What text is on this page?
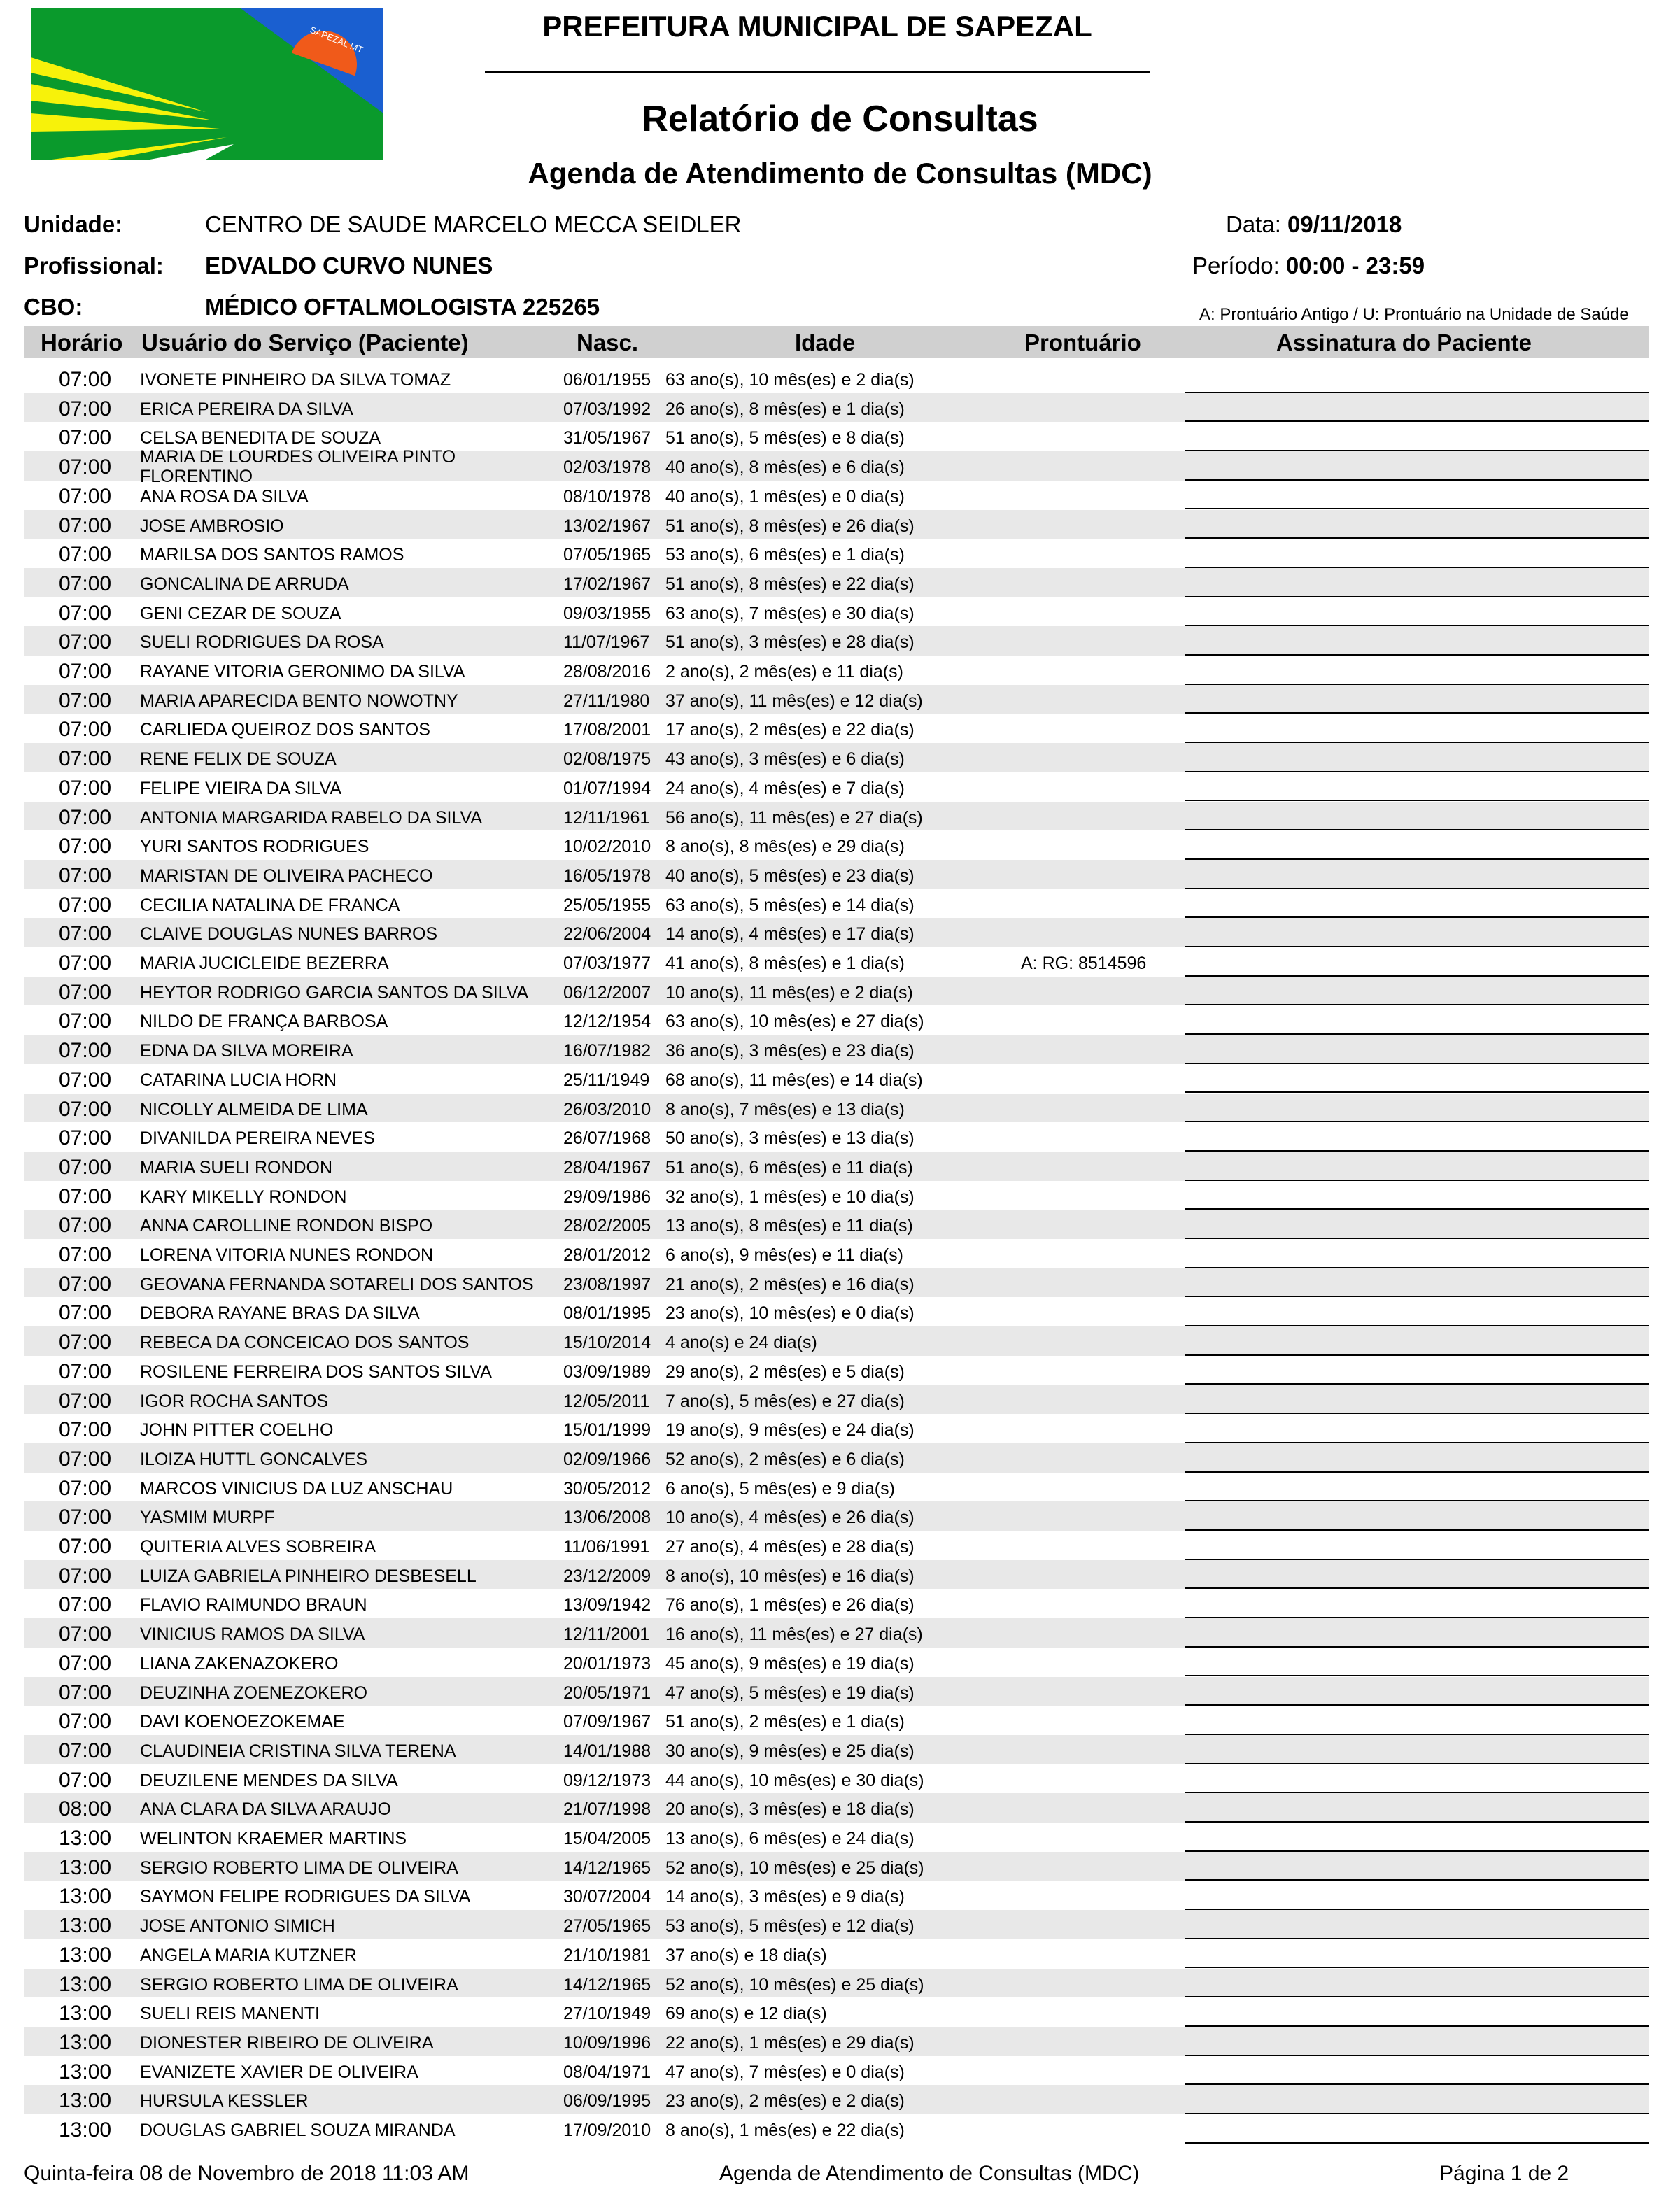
SAPEZAL MT	PREFEITURA MUNICIPAL DE SAPEZAL
Relatório de Consultas
Agenda de Atendimento de Consultas (MDC)
Unidade:	CENTRO DE SAUDE MARCELO MECCA SEIDLER
Profissional: EDVALDO CURVO NUNES
CBO:	MÉDICO OFTALMOLOGISTA 225265
Data: 09/11/2018
Período: 00:00 - 23:59
A: Prontuário Antigo / U: Prontuário na Unidade de Saúde
Horário Usuário do Serviço (Paciente)	Nasc.	Idade	Prontuário	Assinatura do Paciente
07:00 IVONETE PINHEIRO DA SILVA TOMAZ	06/01/1955 63 ano(s), 10 mês(es) e 2 dia(s)
07:00 ERICA PEREIRA DA SILVA	07/03/1992 26 ano(s), 8 mês(es) e 1 dia(s)
07:00 CELSA BENEDITA DE SOUZA	31/05/1967 51 ano(s), 5 mês(es) e 8 dia(s)
07:00 MARIA DE LOURDES OLIVEIRA PINTO FLORENTINO	02/03/1978 40 ano(s), 8 mês(es) e 6 dia(s)
07:00 ANA ROSA DA SILVA	08/10/1978 40 ano(s), 1 mês(es) e 0 dia(s)
07:00 JOSE AMBROSIO	13/02/1967 51 ano(s), 8 mês(es) e 26 dia(s)
07:00 MARILSA DOS SANTOS RAMOS	07/05/1965 53 ano(s), 6 mês(es) e 1 dia(s)
07:00 GONCALINA DE ARRUDA	17/02/1967 51 ano(s), 8 mês(es) e 22 dia(s)
07:00 GENI CEZAR DE SOUZA	09/03/1955 63 ano(s), 7 mês(es) e 30 dia(s)
07:00 SUELI RODRIGUES DA ROSA	11/07/1967 51 ano(s), 3 mês(es) e 28 dia(s)
07:00 RAYANE VITORIA GERONIMO DA SILVA	28/08/2016 2 ano(s), 2 mês(es) e 11 dia(s)
07:00 MARIA APARECIDA BENTO NOWOTNY	27/11/1980 37 ano(s), 11 mês(es) e 12 dia(s)
07:00 CARLIEDA QUEIROZ DOS SANTOS	17/08/2001 17 ano(s), 2 mês(es) e 22 dia(s)
07:00 RENE FELIX DE SOUZA	02/08/1975 43 ano(s), 3 mês(es) e 6 dia(s)
07:00 FELIPE VIEIRA DA SILVA	01/07/1994 24 ano(s), 4 mês(es) e 7 dia(s)
07:00 ANTONIA MARGARIDA RABELO DA SILVA	12/11/1961 56 ano(s), 11 mês(es) e 27 dia(s)
07:00 YURI SANTOS RODRIGUES	10/02/2010 8 ano(s), 8 mês(es) e 29 dia(s)
07:00 MARISTAN DE OLIVEIRA PACHECO	16/05/1978 40 ano(s), 5 mês(es) e 23 dia(s)
07:00 CECILIA NATALINA DE FRANCA	25/05/1955 63 ano(s), 5 mês(es) e 14 dia(s)
07:00 CLAIVE DOUGLAS NUNES BARROS	22/06/2004 14 ano(s), 4 mês(es) e 17 dia(s)
07:00 MARIA JUCICLEIDE BEZERRA	07/03/1977 41 ano(s), 8 mês(es) e 1 dia(s)	A: RG: 8514596
07:00 HEYTOR RODRIGO GARCIA SANTOS DA SILVA 06/12/2007 10 ano(s), 11 mês(es) e 2 dia(s)
07:00 NILDO DE FRANÇA BARBOSA	12/12/1954 63 ano(s), 10 mês(es) e 27 dia(s)
07:00 EDNA DA SILVA MOREIRA	16/07/1982 36 ano(s), 3 mês(es) e 23 dia(s)
07:00 CATARINA LUCIA HORN	25/11/1949 68 ano(s), 11 mês(es) e 14 dia(s)
07:00 NICOLLY ALMEIDA DE LIMA	26/03/2010 8 ano(s), 7 mês(es) e 13 dia(s)
07:00 DIVANILDA PEREIRA NEVES	26/07/1968 50 ano(s), 3 mês(es) e 13 dia(s)
07:00 MARIA SUELI RONDON	28/04/1967 51 ano(s), 6 mês(es) e 11 dia(s)
07:00 KARY MIKELLY RONDON	29/09/1986 32 ano(s), 1 mês(es) e 10 dia(s)
07:00 ANNA CAROLLINE RONDON BISPO	28/02/2005 13 ano(s), 8 mês(es) e 11 dia(s)
07:00 LORENA VITORIA NUNES RONDON	28/01/2012 6 ano(s), 9 mês(es) e 11 dia(s)
07:00 GEOVANA FERNANDA SOTARELI DOS SANTOS 23/08/1997 21 ano(s), 2 mês(es) e 16 dia(s)
07:00 DEBORA RAYANE BRAS DA SILVA	08/01/1995 23 ano(s), 10 mês(es) e 0 dia(s)
07:00 REBECA DA CONCEICAO DOS SANTOS	15/10/2014 4 ano(s) e 24 dia(s)
07:00 ROSILENE FERREIRA DOS SANTOS SILVA	03/09/1989 29 ano(s), 2 mês(es) e 5 dia(s)
07:00 IGOR ROCHA SANTOS	12/05/2011 7 ano(s), 5 mês(es) e 27 dia(s)
07:00 JOHN PITTER COELHO	15/01/1999 19 ano(s), 9 mês(es) e 24 dia(s)
07:00 ILOIZA HUTTL GONCALVES	02/09/1966 52 ano(s), 2 mês(es) e 6 dia(s)
07:00 MARCOS VINICIUS DA LUZ ANSCHAU	30/05/2012 6 ano(s), 5 mês(es) e 9 dia(s)
07:00 YASMIM MURPF	13/06/2008 10 ano(s), 4 mês(es) e 26 dia(s)
07:00 QUITERIA ALVES SOBREIRA	11/06/1991 27 ano(s), 4 mês(es) e 28 dia(s)
07:00 LUIZA GABRIELA PINHEIRO DESBESELL	23/12/2009 8 ano(s), 10 mês(es) e 16 dia(s)
07:00 FLAVIO RAIMUNDO BRAUN	13/09/1942 76 ano(s), 1 mês(es) e 26 dia(s)
07:00 VINICIUS RAMOS DA SILVA	12/11/2001 16 ano(s), 11 mês(es) e 27 dia(s)
07:00 LIANA ZAKENAZOKERO	20/01/1973 45 ano(s), 9 mês(es) e 19 dia(s)
07:00 DEUZINHA ZOENEZOKERO	20/05/1971 47 ano(s), 5 mês(es) e 19 dia(s)
07:00 DAVI KOENOEZOKEMAE	07/09/1967 51 ano(s), 2 mês(es) e 1 dia(s)
07:00 CLAUDINEIA CRISTINA SILVA TERENA	14/01/1988 30 ano(s), 9 mês(es) e 25 dia(s)
07:00 DEUZILENE MENDES DA SILVA	09/12/1973 44 ano(s), 10 mês(es) e 30 dia(s)
08:00 ANA CLARA DA SILVA ARAUJO	21/07/1998 20 ano(s), 3 mês(es) e 18 dia(s)
13:00 WELINTON KRAEMER MARTINS	15/04/2005 13 ano(s), 6 mês(es) e 24 dia(s)
13:00 SERGIO ROBERTO LIMA DE OLIVEIRA	14/12/1965 52 ano(s), 10 mês(es) e 25 dia(s)
13:00 SAYMON FELIPE RODRIGUES DA SILVA	30/07/2004 14 ano(s), 3 mês(es) e 9 dia(s)
13:00 JOSE ANTONIO SIMICH	27/05/1965 53 ano(s), 5 mês(es) e 12 dia(s)
13:00 ANGELA MARIA KUTZNER	21/10/1981 37 ano(s) e 18 dia(s)
13:00 SERGIO ROBERTO LIMA DE OLIVEIRA	14/12/1965 52 ano(s), 10 mês(es) e 25 dia(s)
13:00 SUELI REIS MANENTI	27/10/1949 69 ano(s) e 12 dia(s)
13:00 DIONESTER RIBEIRO DE OLIVEIRA	10/09/1996 22 ano(s), 1 mês(es) e 29 dia(s)
13:00 EVANIZETE XAVIER DE OLIVEIRA	08/04/1971 47 ano(s), 7 mês(es) e 0 dia(s)
13:00 HURSULA KESSLER	06/09/1995 23 ano(s), 2 mês(es) e 2 dia(s)
13:00 DOUGLAS GABRIEL SOUZA MIRANDA	17/09/2010 8 ano(s), 1 mês(es) e 22 dia(s)
Quinta-feira 08 de Novembro de 2018 11:03 AM	Agenda de Atendimento de Consultas (MDC)	Página 1 de 2
